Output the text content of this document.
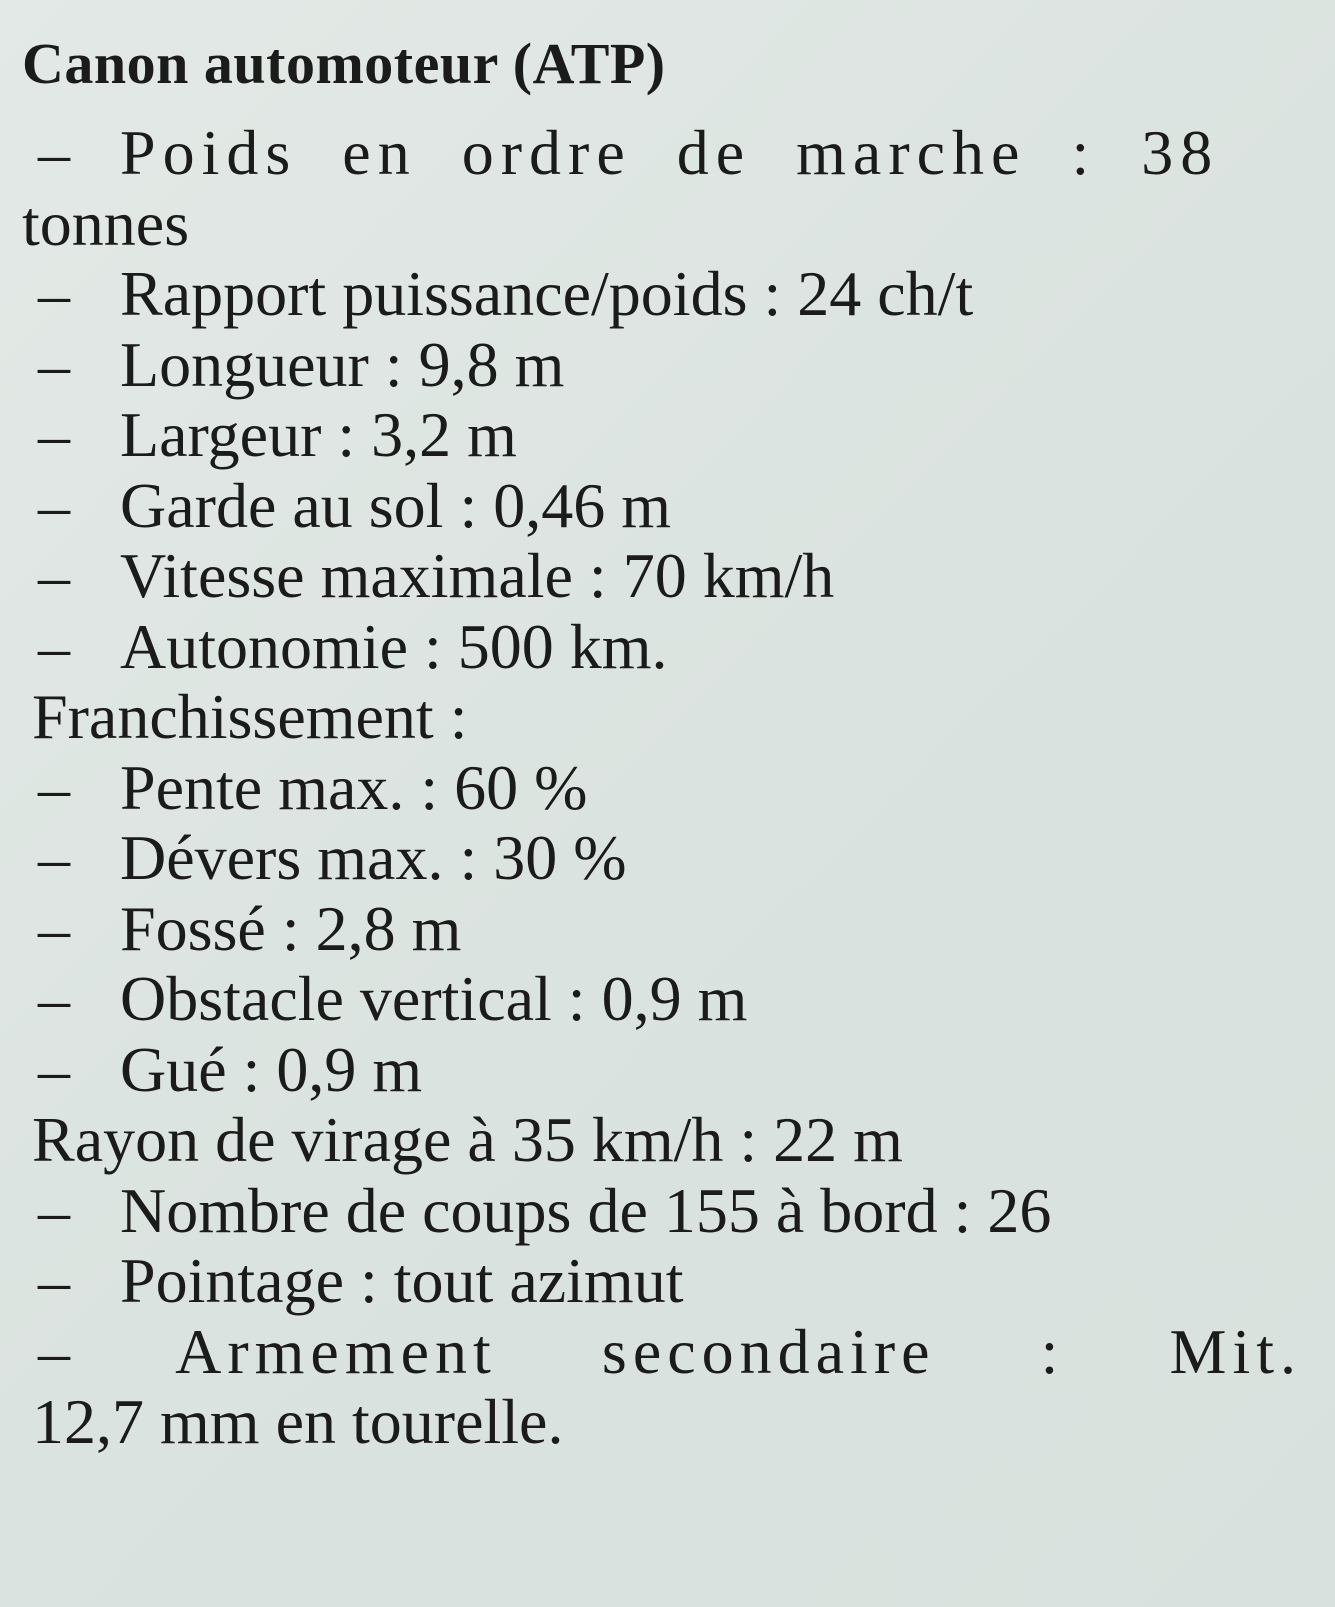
Canon automoteur (ATP)

– Poids en ordre de marche : 38

tonnes

– Rapport puissance/poids : 24 ch/t

– Longueur : 9,8 m

– Largeur : 3,2 m

– Garde au sol : 0,46 m

– Vitesse maximale : 70 km/h

– Autonomie : 500 km.

Franchissement :

– Pente max. : 60 %

– Dévers max. : 30 %

– Fossé : 2,8 m

– Obstacle vertical : 0,9 m

– Gué : 0,9 m

Rayon de virage à 35 km/h : 22 m

– Nombre de coups de 155 à bord : 26

– Pointage : tout azimut

– Armement secondaire : Mit.

12,7 mm en tourelle.
